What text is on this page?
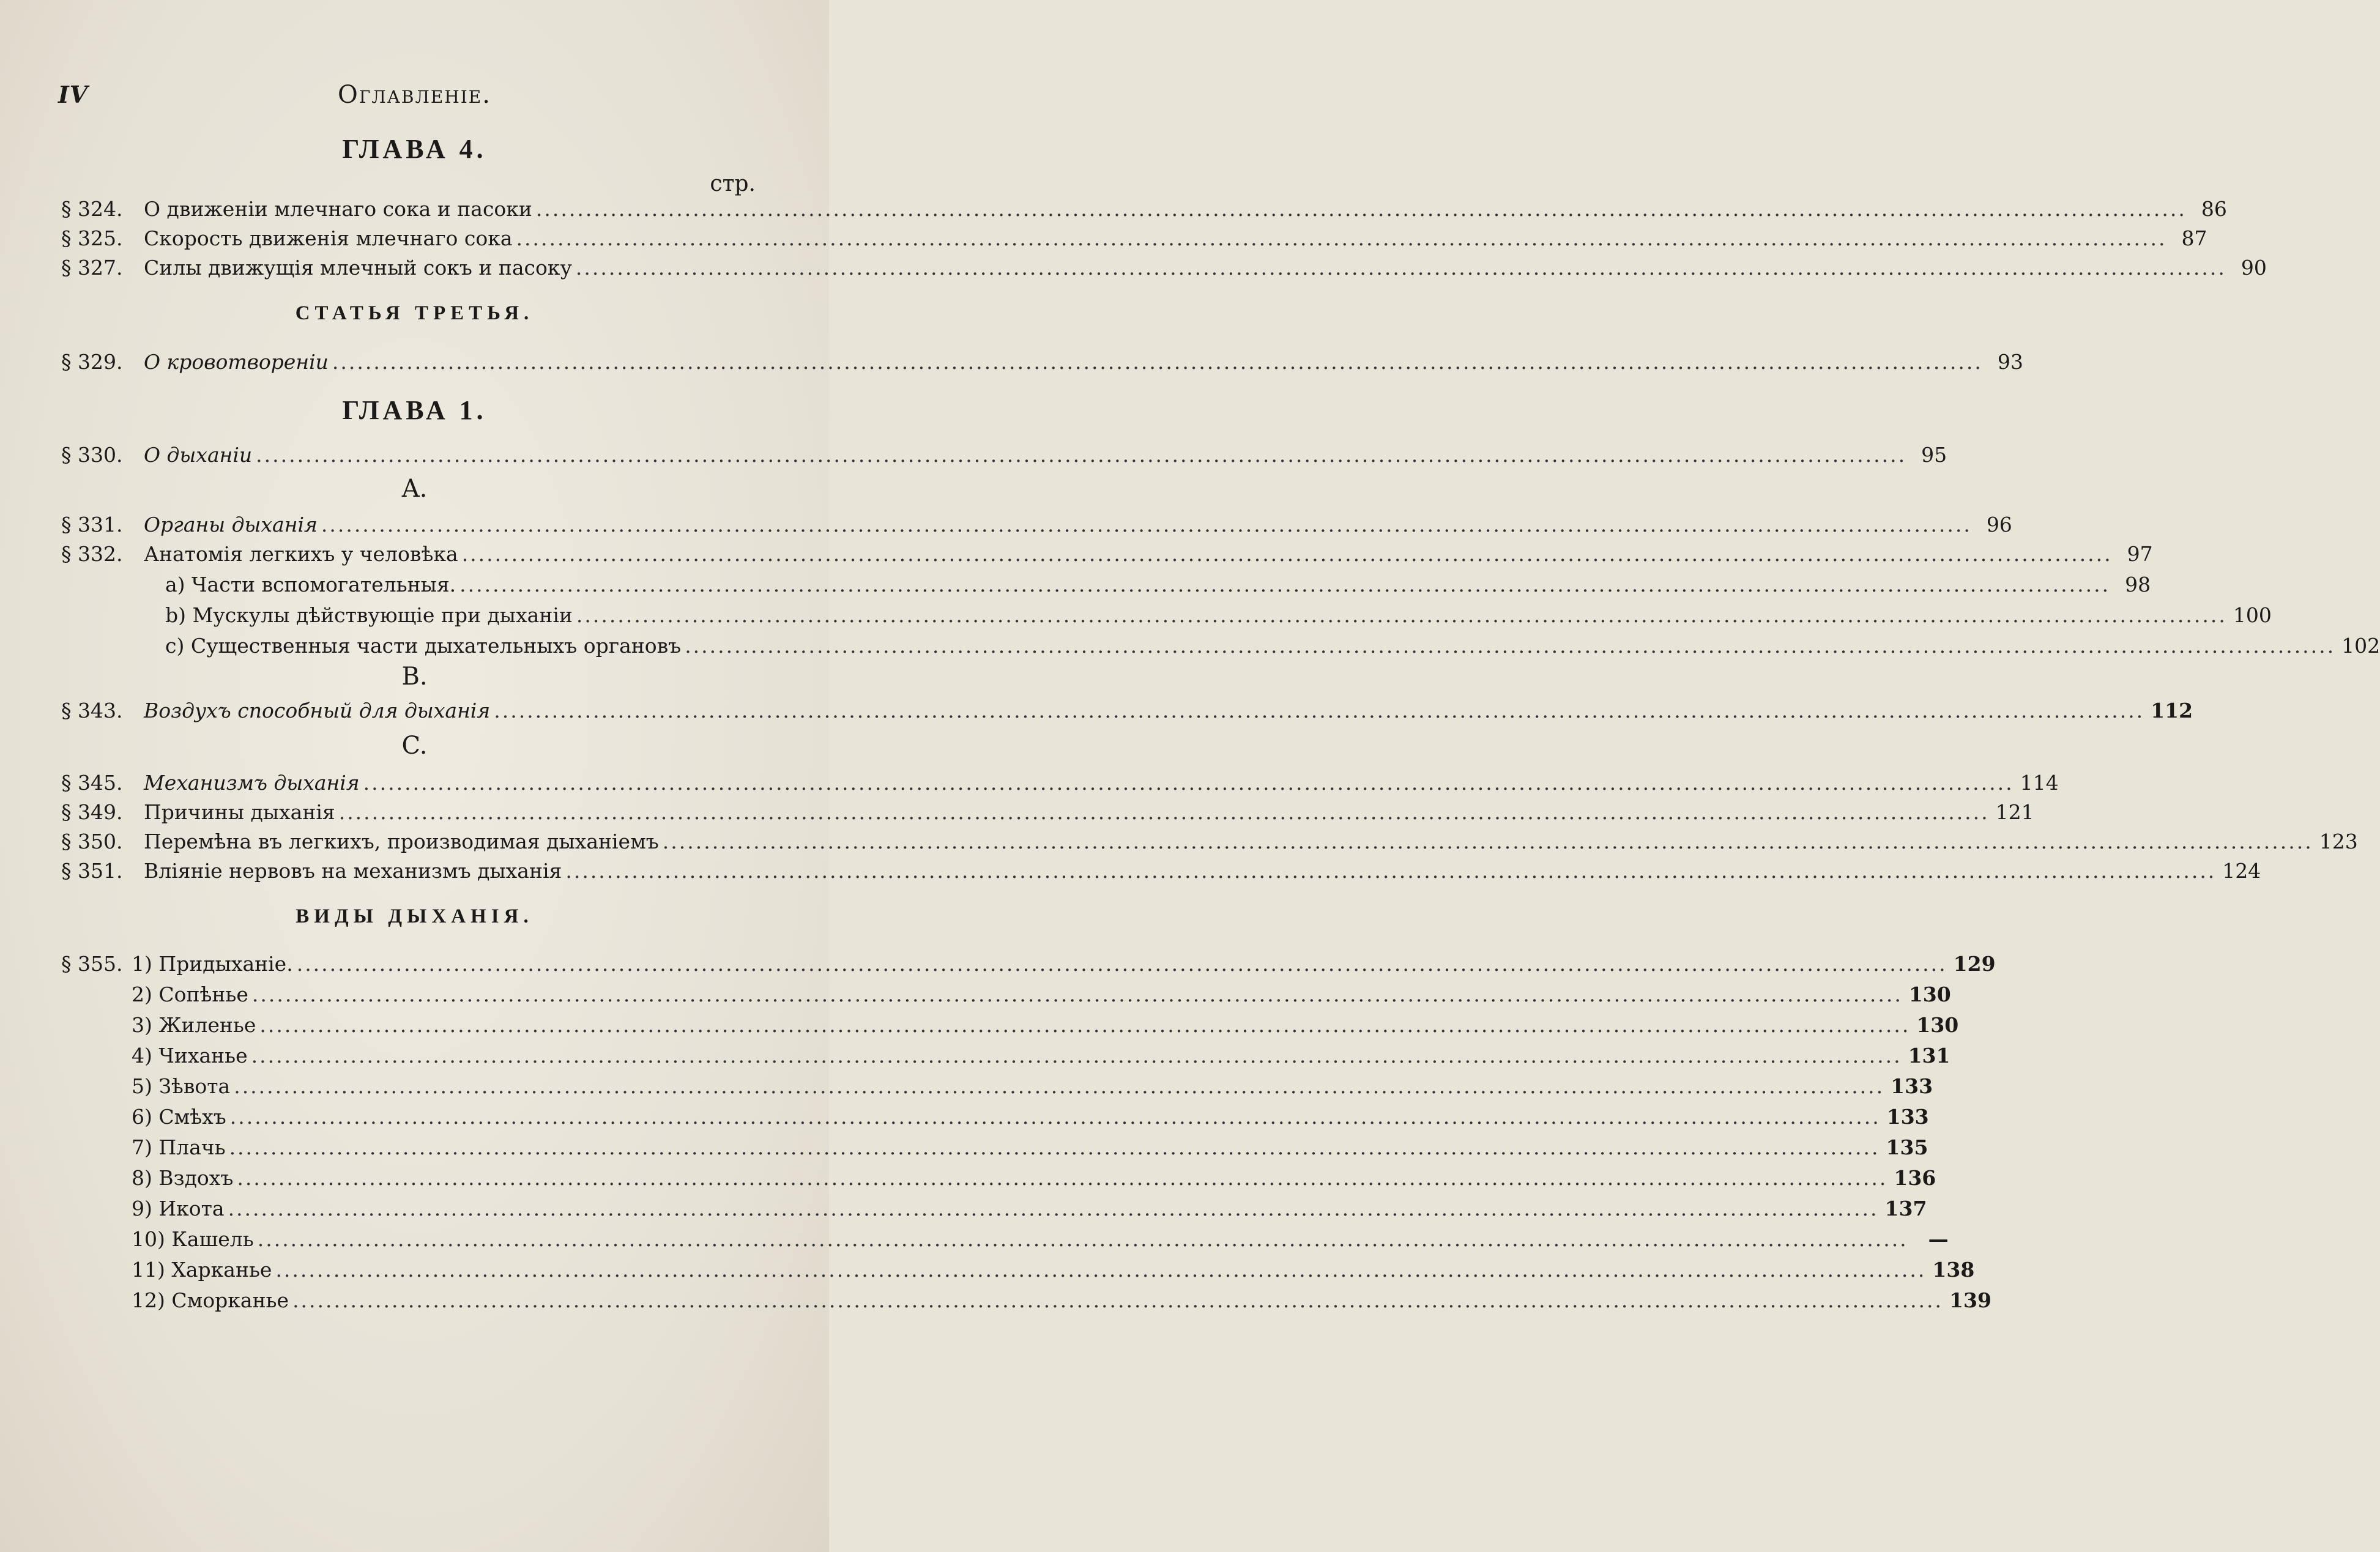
IV	Оглавленіе.
ГЛАВА 4.
стр.
§ 324. О движеніи млечнаго сока и пасоки ........................................................................................................................................................................................................ 86
§ 325. Скорость движенія млечнаго сока ........................................................................................................................................................................................................ 87
§ 327. Силы движущія млечный сокъ и пасоку ........................................................................................................................................................................................................ 90
СТАТЬЯ ТРЕТЬЯ.
§ 329. О кровотвореніи ........................................................................................................................................................................................................ 93
ГЛАВА 1.
§ 330. О дыханіи ........................................................................................................................................................................................................ 95
A.
§ 331. Органы дыханія ........................................................................................................................................................................................................ 96
§ 332. Анатомія легкихъ у человѣка ........................................................................................................................................................................................................ 97
a) Части вспомогательныя. ........................................................................................................................................................................................................ 98
b) Мускулы дѣйствующіе при дыханіи ........................................................................................................................................................................................................ 100
c) Существенныя части дыхательныхъ органовъ ........................................................................................................................................................................................................ 102
B.
§ 343. Воздухъ способный для дыханія ........................................................................................................................................................................................................ 112
C.
§ 345. Механизмъ дыханія ........................................................................................................................................................................................................ 114
§ 349. Причины дыханія ........................................................................................................................................................................................................ 121
§ 350. Перемѣна въ легкихъ, производимая дыханіемъ ........................................................................................................................................................................................................ 123
§ 351. Вліяніе нервовъ на механизмъ дыханія ........................................................................................................................................................................................................ 124
ВИДЫ ДЫХАНІЯ.
§ 355. 1) Придыханіе. ........................................................................................................................................................................................................ 129
2) Сопѣнье ........................................................................................................................................................................................................ 130
3) Жиленье ........................................................................................................................................................................................................ 130
4) Чиханье ........................................................................................................................................................................................................ 131
5) Зѣвота ........................................................................................................................................................................................................ 133
6) Смѣхъ ........................................................................................................................................................................................................ 133
7) Плачь ........................................................................................................................................................................................................ 135
8) Вздохъ ........................................................................................................................................................................................................ 136
9) Икота ........................................................................................................................................................................................................ 137
10) Кашель ........................................................................................................................................................................................................	—
11) Харканье ........................................................................................................................................................................................................ 138
12) Сморканье ........................................................................................................................................................................................................ 139
